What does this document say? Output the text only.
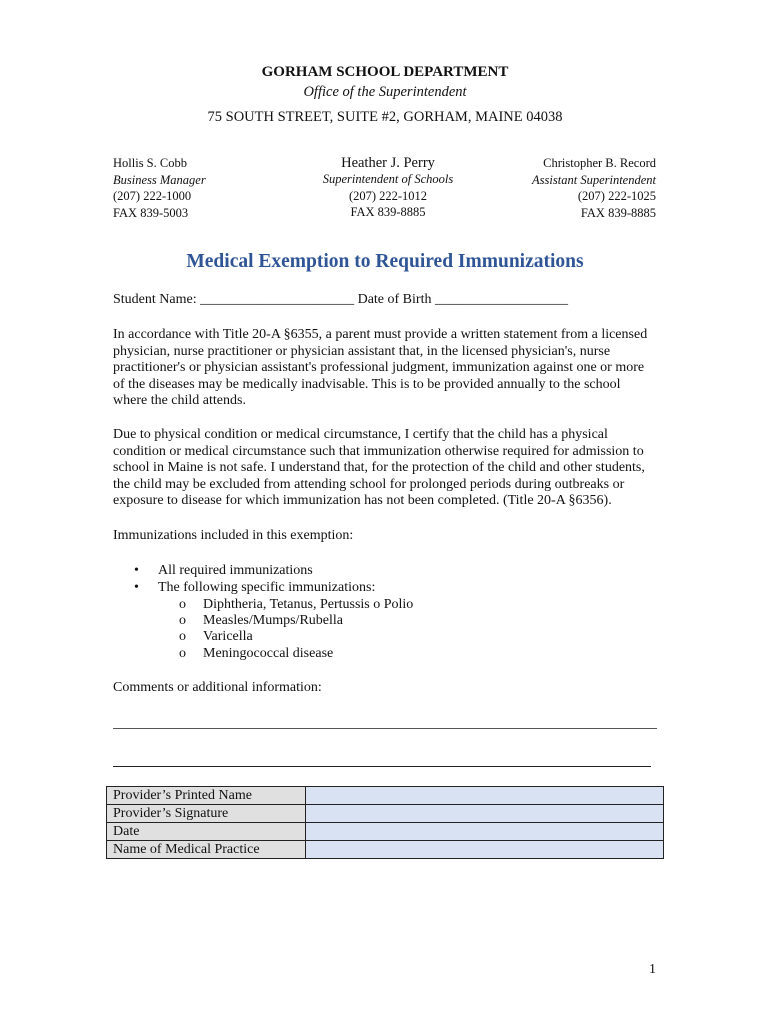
GORHAM SCHOOL DEPARTMENT
Office of the Superintendent
75 SOUTH STREET, SUITE #2, GORHAM, MAINE 04038
Hollis S. Cobb
Business Manager
(207) 222-1000
FAX 839-5003
Heather J. Perry
Superintendent of Schools
(207) 222-1012
FAX 839-8885
Christopher B. Record
Assistant Superintendent
(207) 222-1025
FAX 839-8885
Medical Exemption to Required Immunizations
Student Name: ______________________ Date of Birth ___________________
In accordance with Title 20-A §6355, a parent must provide a written statement from a licensed physician, nurse practitioner or physician assistant that, in the licensed physician's, nurse practitioner's or physician assistant's professional judgment, immunization against one or more of the diseases may be medically inadvisable. This is to be provided annually to the school where the child attends.
Due to physical condition or medical circumstance, I certify that the child has a physical condition or medical circumstance such that immunization otherwise required for admission to school in Maine is not safe. I understand that, for the protection of the child and other students, the child may be excluded from attending school for prolonged periods during outbreaks or exposure to disease for which immunization has not been completed. (Title 20-A §6356).
Immunizations included in this exemption:
• All required immunizations
• The following specific immunizations:
o Diphtheria, Tetanus, Pertussis o Polio
o Measles/Mumps/Rubella
o Varicella
o Meningococcal disease
Comments or additional information:
Provider’s Printed Name	
Provider’s Signature	
Date	
Name of Medical Practice	
1
